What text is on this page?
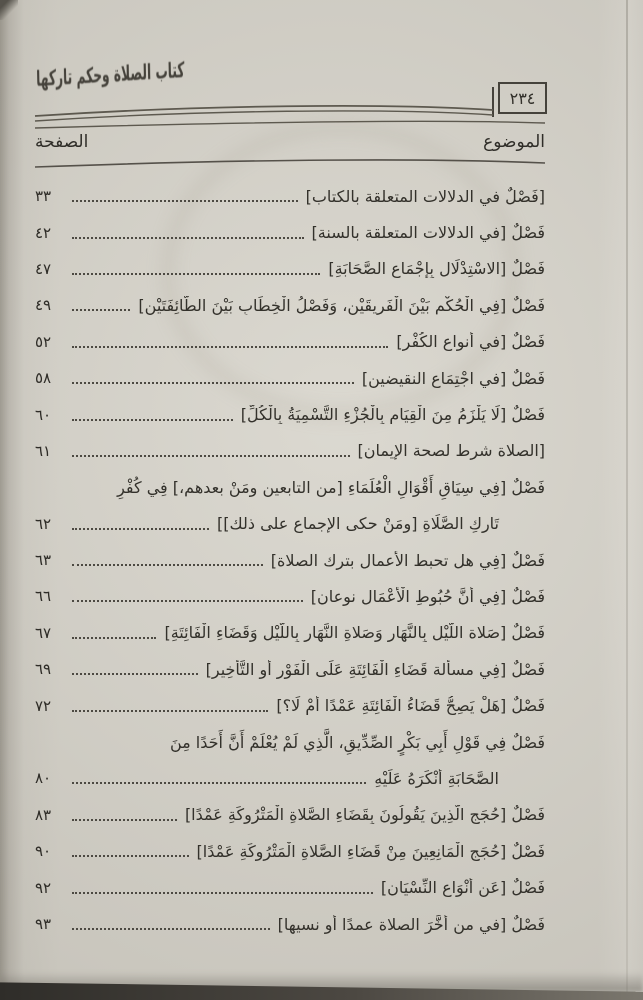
كتاب الصلاة وحكم تاركها
٢٣٤
الموضوع
الصفحة
[فَصْلٌ في الدلالات المتعلقة بالكتاب]
٣٣
فَصْلٌ [في الدلالات المتعلقة بالسنة]
٤٢
فَصْلٌ [الاسْتِدْلَال بِإِجْمَاعِ الصَّحَابَةِ]
٤٧
فَصْلٌ [فِي الْحُكْم بَيْنَ الْفَرِيقَيْنِ، وَفَصْلُ الْخِطَابِ بَيْنَ الطَّائِفَتَيْنِ]
٤٩
فَصْلٌ [في أنواع الكُفْرِ]
٥٢
فَصْلٌ [في اجْتِمَاعِ النقيضين]
٥٨
فَصْلٌ [لَا يَلْزَمُ مِنَ الْقِيَامِ بِالْجُزْءِ التَّسْمِيَةُ بِالْكُلِّ]
٦٠
[الصلاة شرط لصحة الإيمان]
٦١
فَصْلٌ [فِي سِيَاقِ أَقْوَالِ الْعُلَمَاءِ [من التابعين ومَنْ بعدهم،] فِي كُفْرِ
تَارِكِ الصَّلَاةِ [ومَنْ حكى الإجماع على ذلك]]
٦٢
فَصْلٌ [فِي هل تحبط الأعمال بترك الصلاة]
٦٣
فَصْلٌ [فِي أَنَّ حُبُوطِ الْأَعْمَالِ نوعان]
٦٦
فَصْلٌ [صَلاة اللَّيْلِ بِالنَّهَارِ وَصَلاةِ النَّهَارِ بِاللَّيْلِ وَقَضَاءِ الْفَائِتَةِ]
٦٧
فَصْلٌ [فِي مسألة قَضَاءِ الْفَائِتَةِ عَلَى الْفَوْرِ أَو التَّأْخِيرِ]
٦٩
فَصْلٌ [هَلْ يَصِحُّ قَضَاءُ الْفَائِتَةِ عَمْدًا أَمْ لَا؟]
٧٢
فَصْلٌ فِي قَوْلِ أَبِي بَكْرٍ الصِّدِّيقِ، الَّذِي لَمْ يُعْلَمْ أَنَّ أَحَدًا مِنَ
الصَّحَابَةِ أَنْكَرَهُ عَلَيْهِ
٨٠
فَصْلٌ [حُجَج الَّذِينَ يَقُولُونَ بِقَضَاءِ الصَّلاةِ الْمَتْرُوكَةِ عَمْدًا]
٨٣
فَصْلٌ [حُجَج الْمَانِعِينَ مِنْ قَضَاءِ الصَّلاةِ الْمَتْرُوكَةِ عَمْدًا]
٩٠
فَصْلٌ [عَن أَنْوَاعِ النِّسْيَانِ]
٩٢
فَصْلٌ [في من أَخَّرَ الصلاة عمدًا أو نسيها]
٩٣
